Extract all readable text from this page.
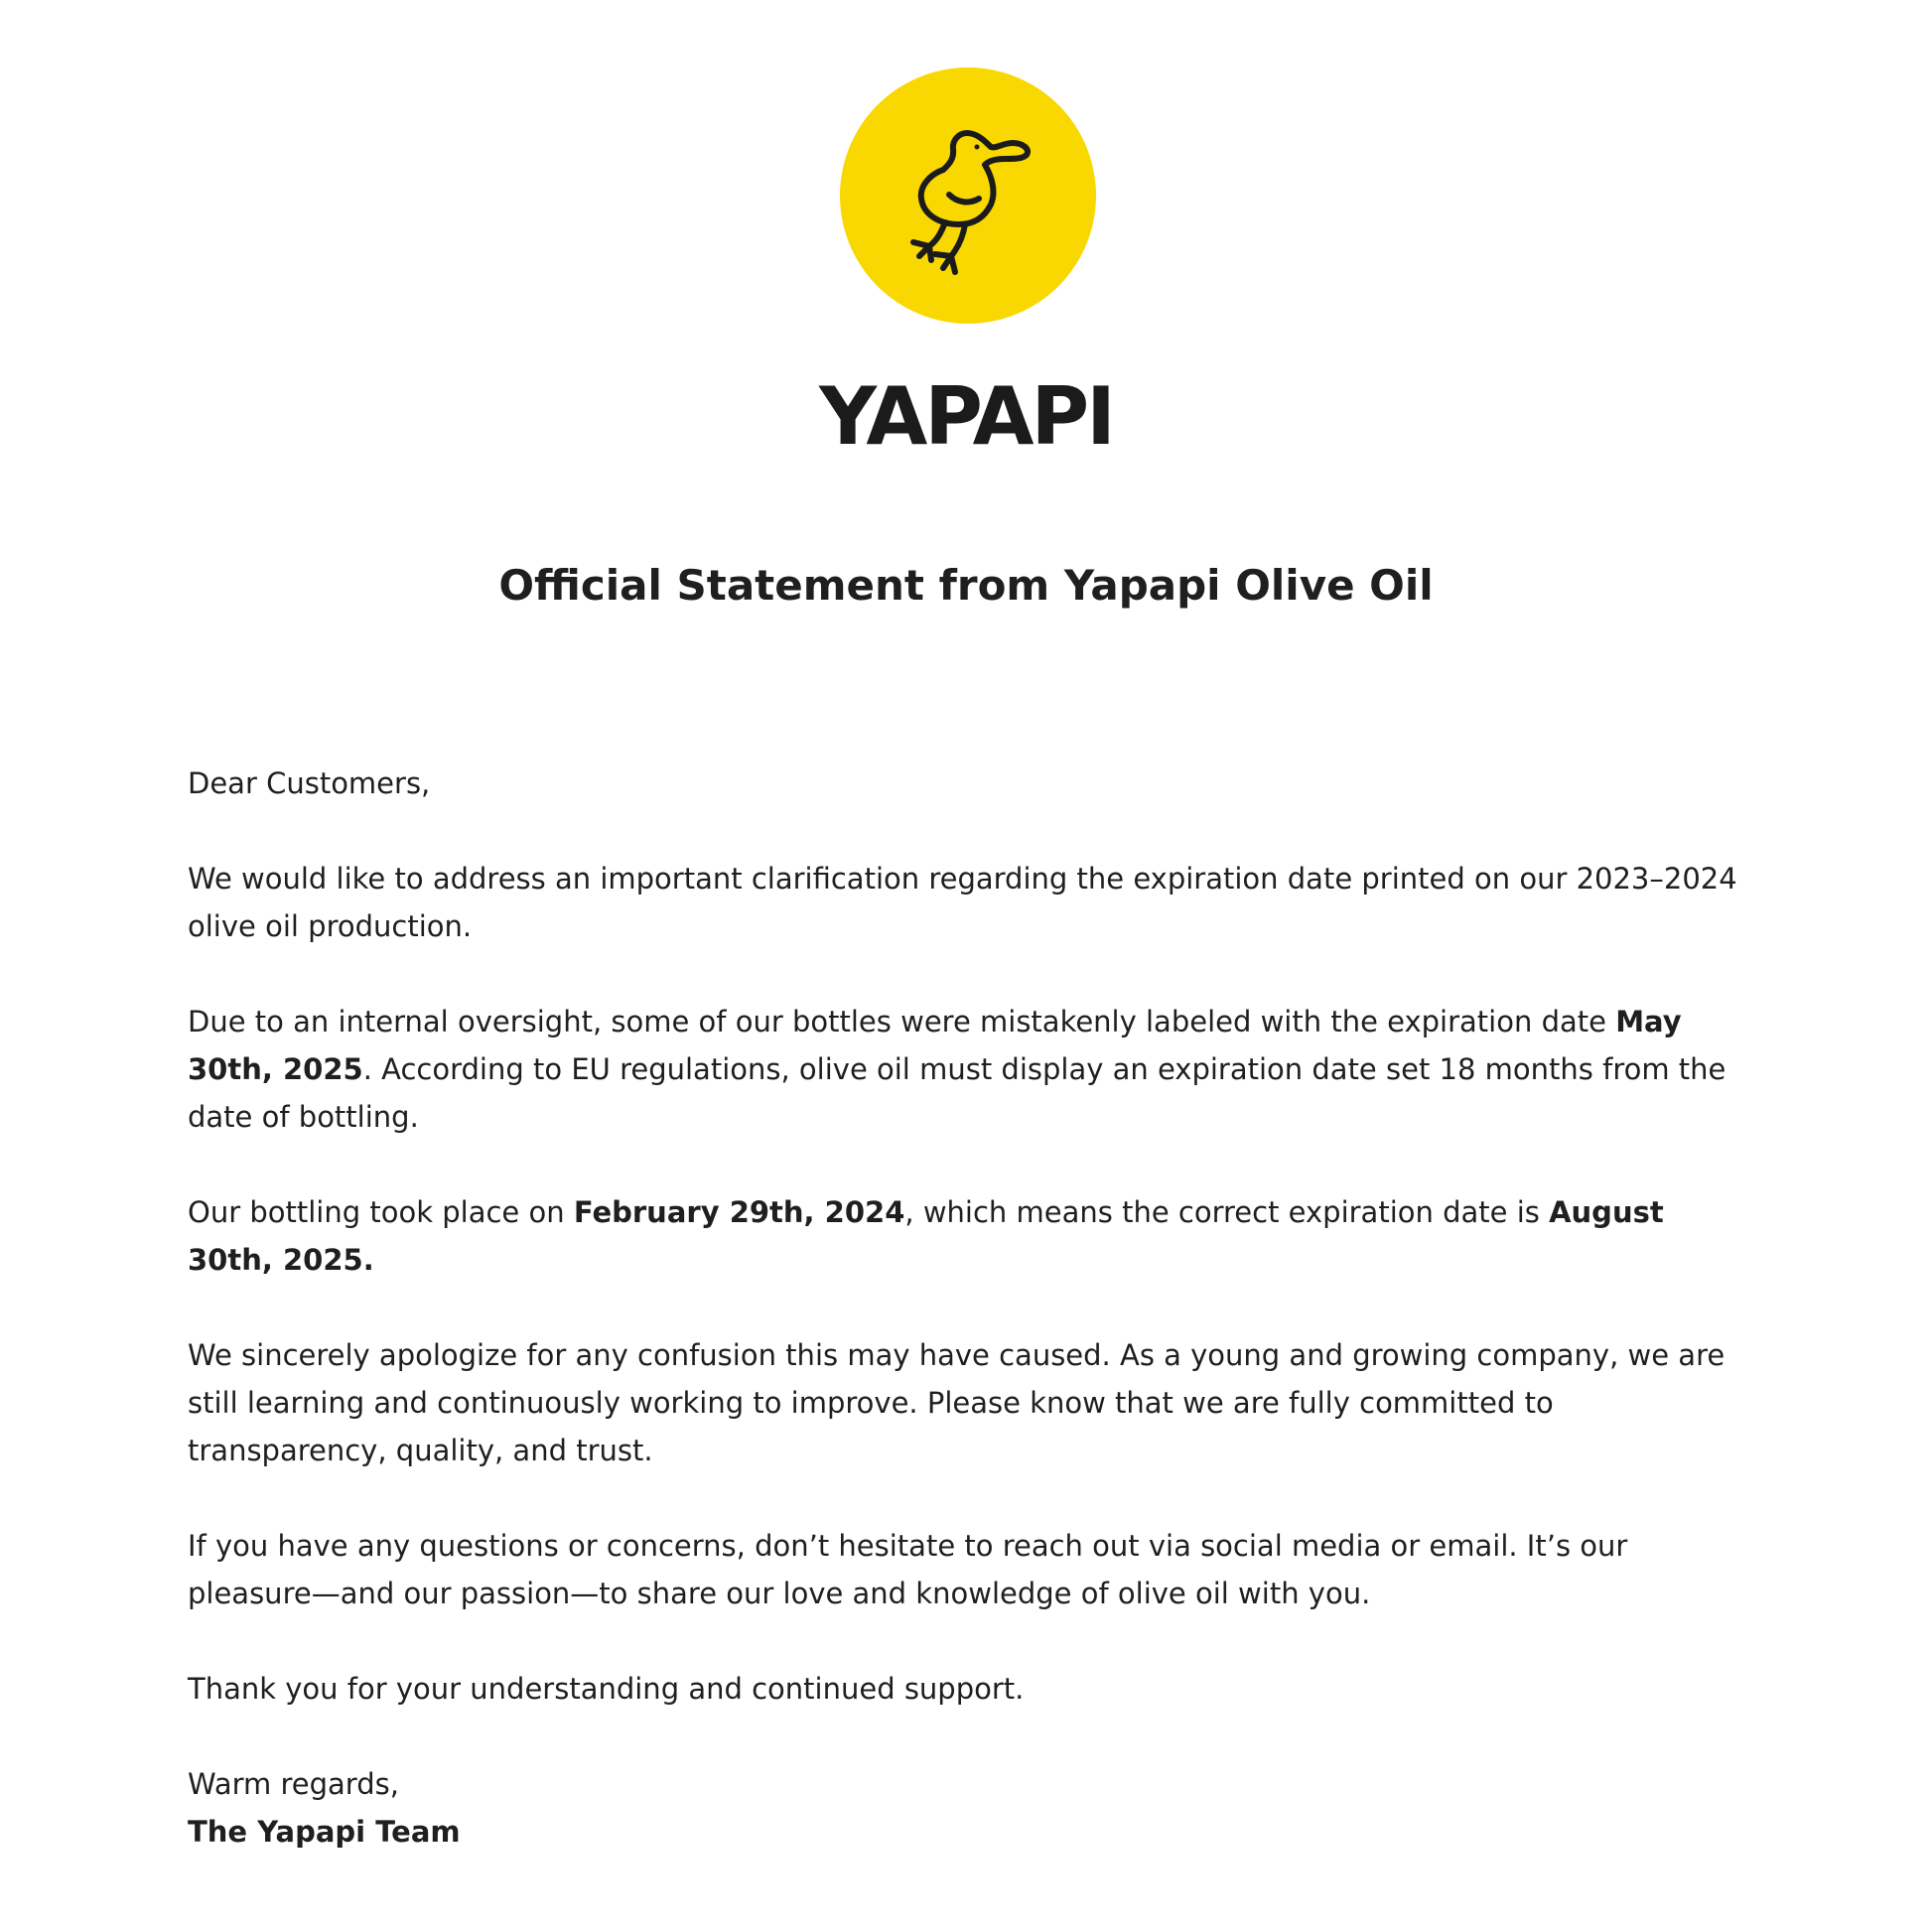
YAPAPI
Official Statement from Yapapi Olive Oil

Dear Customers,

We would like to address an important clarification regarding the expiration date printed on our 2023–2024 olive oil production.

Due to an internal oversight, some of our bottles were mistakenly labeled with the expiration date May 30th, 2025. According to EU regulations, olive oil must display an expiration date set 18 months from the date of bottling.

Our bottling took place on February 29th, 2024, which means the correct expiration date is August 30th, 2025.

We sincerely apologize for any confusion this may have caused. As a young and growing company, we are still learning and continuously working to improve. Please know that we are fully committed to transparency, quality, and trust.

If you have any questions or concerns, don’t hesitate to reach out via social media or email. It’s our pleasure—and our passion—to share our love and knowledge of olive oil with you.

Thank you for your understanding and continued support.

Warm regards,

The Yapapi Team
